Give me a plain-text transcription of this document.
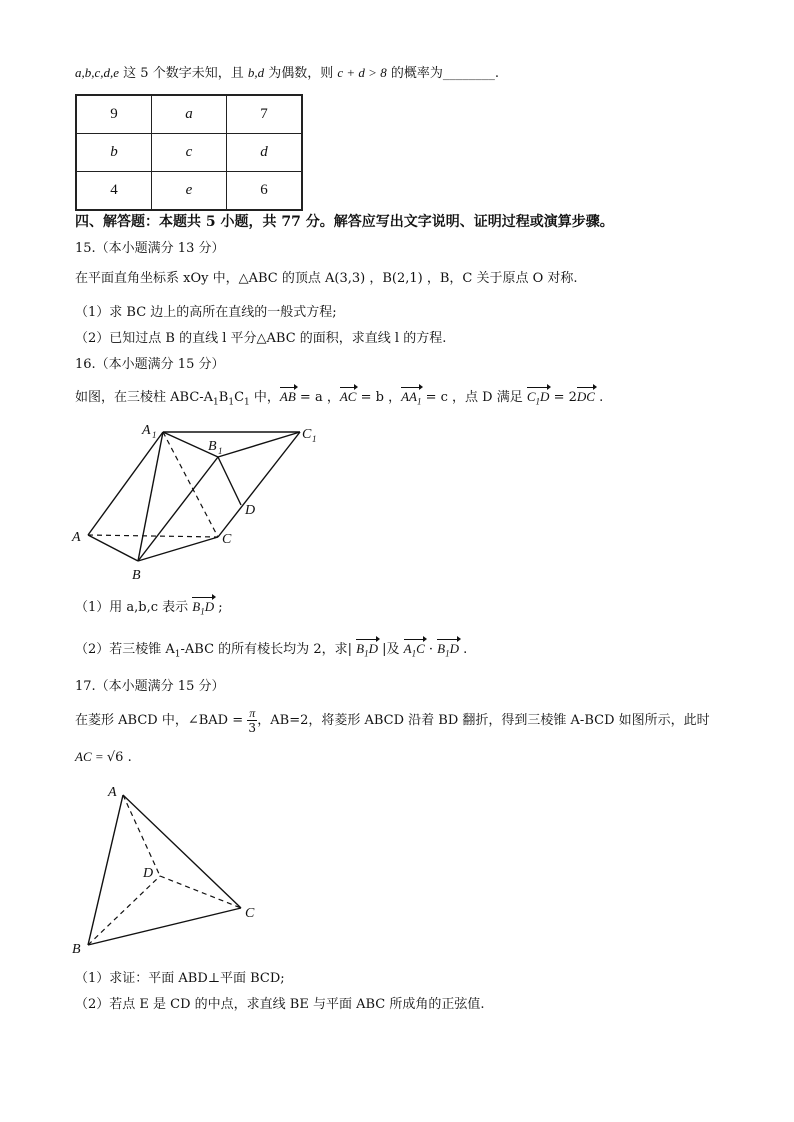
a,b,c,d,e 这 5 个数字未知，且 b,d 为偶数，则 c + d > 8 的概率为________.
9	a	7
b	c	d
4	e	6
四、解答题：本题共 5 小题，共 77 分。解答应写出文字说明、证明过程或演算步骤。
15.（本小题满分 13 分）
在平面直角坐标系 xOy 中，△ABC 的顶点 A(3,3) ，B(2,1) ，B，C 关于原点 O 对称.
（1）求 BC 边上的高所在直线的一般式方程;
（2）已知过点 B 的直线 l 平分△ABC 的面积，求直线 l 的方程.
16.（本小题满分 15 分）
如图，在三棱柱 ABC-$A_1B_1C_1$ 中，AB = a ，AC = b ，$AA_1 = c$ ，点 D 满足 $C_1D = 2DC$ .
A 1
B 1
C 1
A
B
C
D
（1）用 a,b,c 表示 $B_1D$ ;
（2）若三棱锥 $A_1$-ABC 的所有棱长均为 2，求| $B_1D$ |及 $A_1C \cdot B_1D$ .
17.（本小题满分 15 分）
在菱形 ABCD 中，∠BAD = $\frac{\pi}{3}$ ，AB=2，将菱形 ABCD 沿着 BD 翻折，得到三棱锥 A-BCD 如图所示，此时
AC = √6 .
A
B
C
D
（1）求证：平面 ABD⊥平面 BCD;
（2）若点 E 是 CD 的中点，求直线 BE 与平面 ABC 所成角的正弦值.
